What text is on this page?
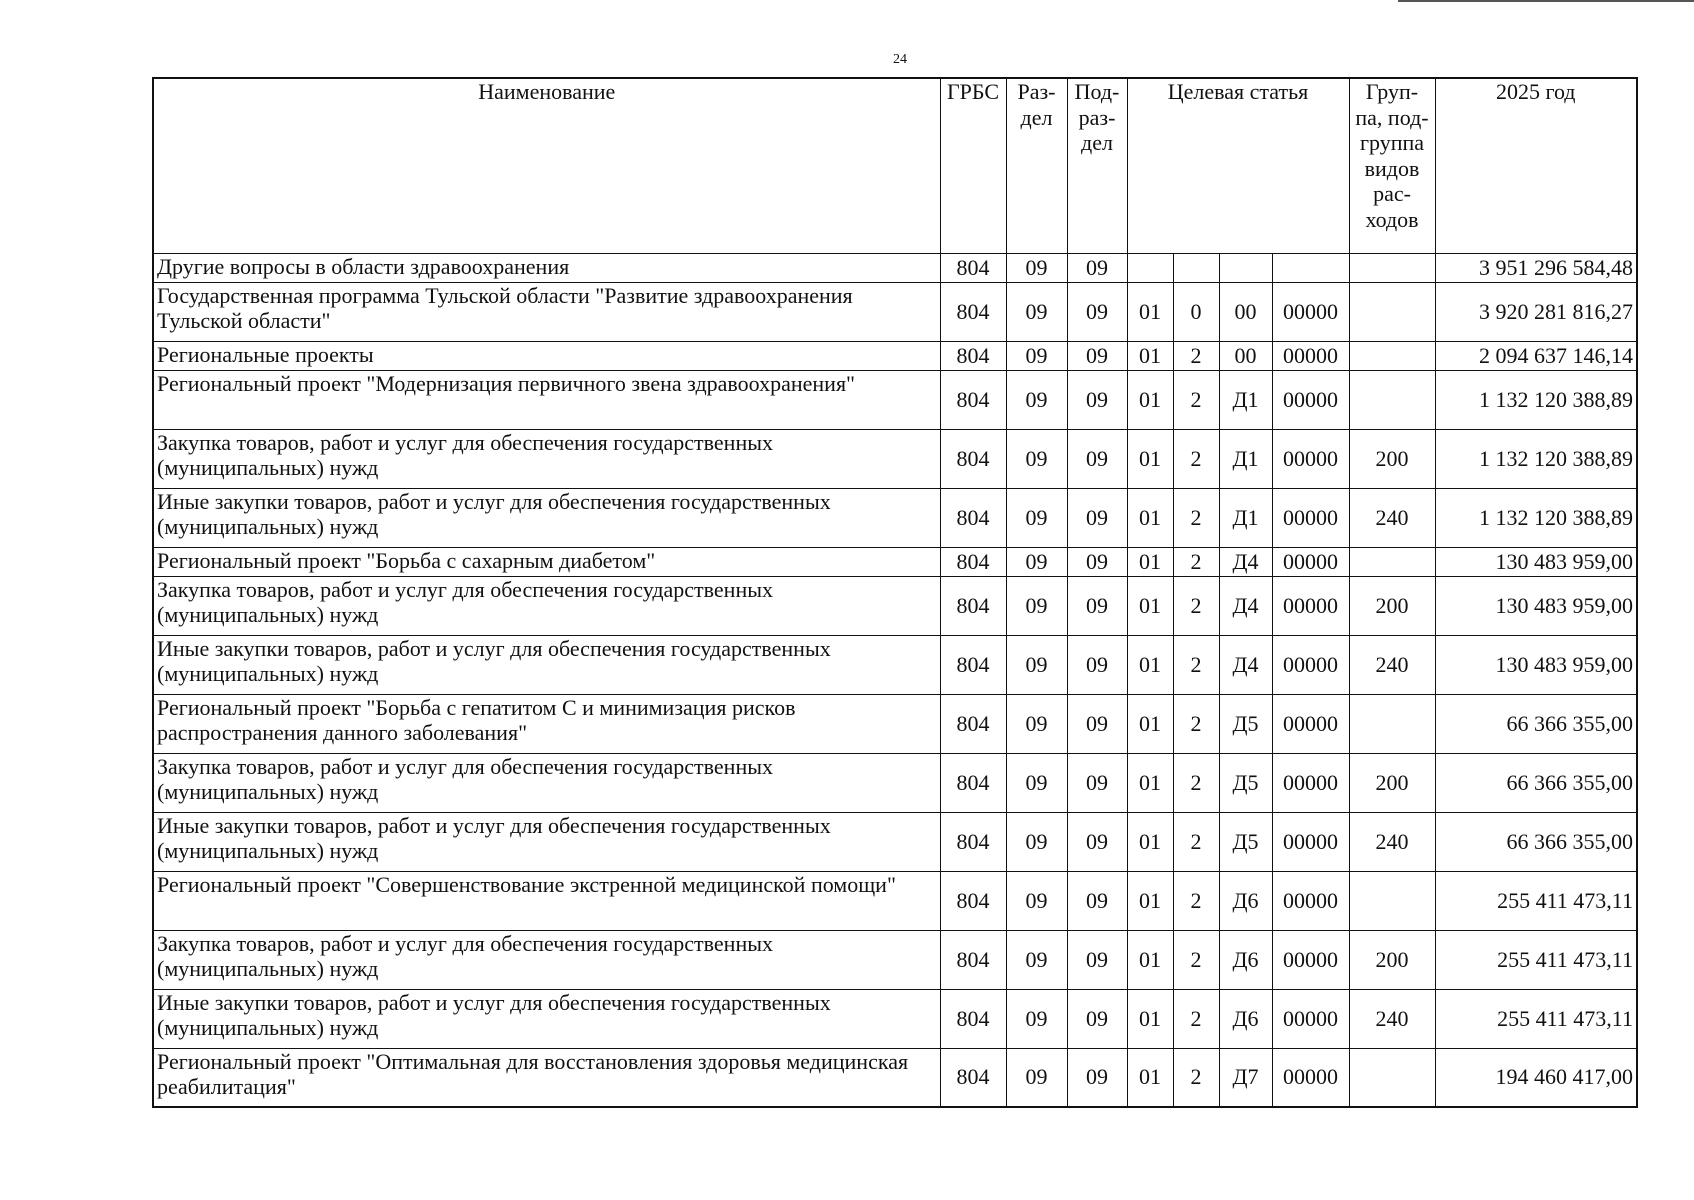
24
Наименование	ГРБС	Раз-дел	Под-раз-дел	Целевая статья				Груп-па, под-группа видов рас-ходов	2025 год
Другие вопросы в области здравоохранения	804	09	09						3 951 296 584,48
Государственная программа Тульской области "Развитие здравоохранения Тульской области"	804	09	09	01	0	00	00000		3 920 281 816,27
Региональные проекты	804	09	09	01	2	00	00000		2 094 637 146,14
Региональный проект "Модернизация первичного звена здравоохранения"	804	09	09	01	2	Д1	00000		1 132 120 388,89
Закупка товаров, работ и услуг для обеспечения государственных (муниципальных) нужд	804	09	09	01	2	Д1	00000	200	1 132 120 388,89
Иные закупки товаров, работ и услуг для обеспечения государственных (муниципальных) нужд	804	09	09	01	2	Д1	00000	240	1 132 120 388,89
Региональный проект "Борьба с сахарным диабетом"	804	09	09	01	2	Д4	00000		130 483 959,00
Закупка товаров, работ и услуг для обеспечения государственных (муниципальных) нужд	804	09	09	01	2	Д4	00000	200	130 483 959,00
Иные закупки товаров, работ и услуг для обеспечения государственных (муниципальных) нужд	804	09	09	01	2	Д4	00000	240	130 483 959,00
Региональный проект "Борьба с гепатитом С и минимизация рисков распространения данного заболевания"	804	09	09	01	2	Д5	00000		66 366 355,00
Закупка товаров, работ и услуг для обеспечения государственных (муниципальных) нужд	804	09	09	01	2	Д5	00000	200	66 366 355,00
Иные закупки товаров, работ и услуг для обеспечения государственных (муниципальных) нужд	804	09	09	01	2	Д5	00000	240	66 366 355,00
Региональный проект "Совершенствование экстренной медицинской помощи"	804	09	09	01	2	Д6	00000		255 411 473,11
Закупка товаров, работ и услуг для обеспечения государственных (муниципальных) нужд	804	09	09	01	2	Д6	00000	200	255 411 473,11
Иные закупки товаров, работ и услуг для обеспечения государственных (муниципальных) нужд	804	09	09	01	2	Д6	00000	240	255 411 473,11
Региональный проект "Оптимальная для восстановления здоровья медицинская реабилитация"	804	09	09	01	2	Д7	00000		194 460 417,00
